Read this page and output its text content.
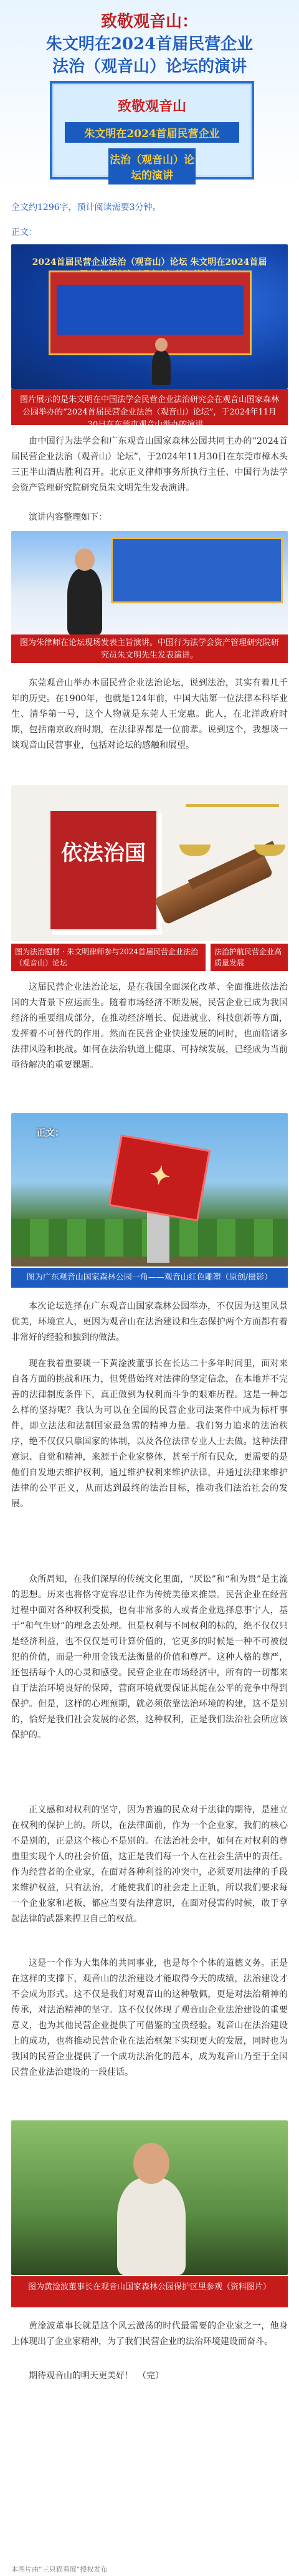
致敬观音山：
朱文明在2024首届民营企业
法治（观音山）论坛的演讲
致敬观音山
朱文明在2024首届民营企业
法治（观音山）论坛的演讲
全文约1296字，预计阅读需要3分钟。
正文：
2024首届民营企业法治（观音山）论坛 朱文明在2024首届
图片展示的是朱文明在中国法学会民营企业法治研究会在观音山国家森林公园举办的“2024首届民营企业法治（观音山）论坛”，于2024年11月30日在东莞市观音山举办的演讲。
由中国行为法学会和广东观音山国家森林公园共同主办的“2024首届民营企业法治（观音山）论坛”，于2024年11月30日在东莞市樟木头三正半山酒店胜利召开。北京正义律师事务所执行主任、中国行为法学会资产管理研究院研究员朱文明先生发表演讲。
演讲内容整理如下：
图为朱律师在论坛现场发表主旨演讲。中国行为法学会资产管理研究院研究员朱文明先生发表演讲。
东莞观音山举办本届民营企业法治论坛，说到法治，其实有着几千年的历史。在1900年，也就是124年前，中国大陆第一位法律本科毕业生、清华第一号，这个人物就是东莞人王宠惠。此人，在北洋政府时期，包括南京政府时期，在法律界都是一位前辈。说到这个，我想谈一谈观音山民营事业，包括对论坛的感触和展望。
依法治国
图为法治题材 · 朱文明律师参与2024首届民营企业法治（观音山）论坛
法治护航民营企业高质量发展
这届民营企业法治论坛，是在我国全面深化改革、全面推进依法治国的大背景下应运而生。随着市场经济不断发展，民营企业已成为我国经济的重要组成部分，在推动经济增长、促进就业、科技创新等方面，发挥着不可替代的作用。然而在民营企业快速发展的同时，也面临诸多法律风险和挑战。如何在法治轨道上健康、可持续发展，已经成为当前亟待解决的重要课题。
正文：
✦
图为广东观音山国家森林公园一角——观音山红色雕塑（原创/摄影）
本次论坛选择在广东观音山国家森林公园举办，不仅因为这里风景优美，环境宜人，更因为观音山在法治建设和生态保护两个方面都有着非常好的经验和独到的做法。
现在我着重要谈一下黄淦波董事长在长达二十多年时间里，面对来自各方面的挑战和压力，但凭借始终对法律的坚定信念，在本地并不完善的法律制度条件下，真正做到为权利而斗争的艰难历程。这是一种怎么样的坚持呢？我认为可以在全国的民营企业司法案件中成为标杆事件，即立法法和法制国家最急需的精神力量。我们努力追求的法治秩序，绝不仅仅只靠国家的体制，以及各位法律专业人士去做。这种法律意识、自觉和精神，来源于企业家整体，甚至于所有民众，更需要的是他们自发地去维护权利，通过维护权利来维护法律，并通过法律来维护法律的公平正义，从而达到最终的法治目标，推动我们法治社会的发展。
众所周知，在我们深厚的传统文化里面，“厌讼”和“和为贵”是主流的思想。历来也将恪守宽容忍让作为传统美德来推崇。民营企业在经营过程中面对各种权利受损，也有非常多的人或者企业选择息事宁人，基于“和气生财”的理念去处理。但是权利与不同权利的标的，绝不仅仅只是经济利益，也不仅仅是可计算价值的，它更多的时候是一种不可被侵犯的价值，而是一种用金钱无法衡量的价值和尊严。这种人格的尊严，还包括每个人的心灵和感受。民营企业在市场经济中，所有的一切都来自于法治环境良好的保障，营商环境就要保证其能在公平的竞争中得到保护。但是，这样的心理预期，就必须依靠法治环境的构建，这不是别的，恰好是我们社会发展的必然，这种权利，正是我们法治社会所应该保护的。
正义感和对权利的坚守，因为普遍的民众对于法律的期待，是建立在权利的保护上的。所以，在法律面前，作为一个企业家，我们的核心不是别的，正是这个核心不是别的。在法治社会中，如何在对权利的尊重里实现个人的社会价值，这正是我们每一个人在社会生活中的责任。作为经营者的企业家，在面对各种利益的冲突中，必须要用法律的手段来维护权益，只有法治，才能使我们的社会走上正轨，所以我们要求每一个企业家和老板，都应当要有法律意识，在面对侵害的时候，敢于拿起法律的武器来捍卫自己的权益。
这是一个作为大集体的共同事业，也是每个个体的道德义务。正是在这样的支撑下，观音山的法治建设才能取得今天的成绩，法治建设才不会成为形式。这不仅是我们对观音山的这种敬佩，更是对法治精神的传承，对法治精神的坚守。这不仅仅体现了观音山企业法治建设的重要意义，也为其他民营企业提供了可借鉴的宝贵经验。观音山在法治建设上的成功，也将推动民营企业在法治框架下实现更大的发展，同时也为我国的民营企业提供了一个成功法治化的范本，成为观音山乃至于全国民营企业法治建设的一段佳话。
图为黄淦波董事长在观音山国家森林公园保护区里参观（资料图片）
黄淦波董事长就是这个风云激荡的时代最需要的企业家之一，他身上体现出了企业家精神，为了我们民营企业的法治环境建设而奋斗。
期待观音山的明天更美好！　（完）
本图片由“三只猫看展”授权发布
